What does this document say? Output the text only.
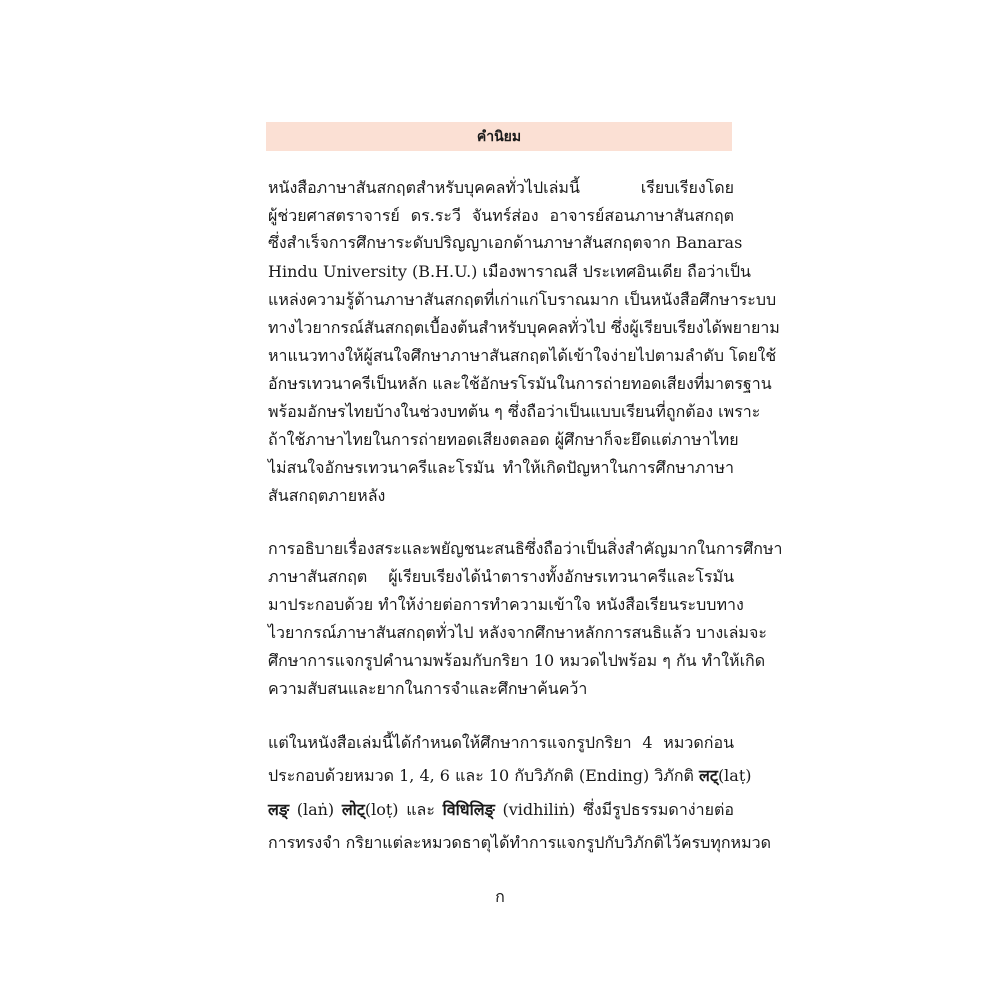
คำนิยม
หนังสือภาษาสันสกฤตสำหรับบุคคลทั่วไปเล่มนี้ เรียบเรียงโดย
ผู้ช่วยศาสตราจารย์ ดร.ระวี จันทร์ส่อง อาจารย์สอนภาษาสันสกฤต
ซึ่งสำเร็จการศึกษาระดับปริญญาเอกด้านภาษาสันสกฤตจาก Banaras
Hindu University (B.H.U.) เมืองพาราณสี ประเทศอินเดีย ถือว่าเป็น
แหล่งความรู้ด้านภาษาสันสกฤตที่เก่าแก่โบราณมาก เป็นหนังสือศึกษาระบบ
ทางไวยากรณ์สันสกฤตเบื้องต้นสำหรับบุคคลทั่วไป ซึ่งผู้เรียบเรียงได้พยายาม
หาแนวทางให้ผู้สนใจศึกษาภาษาสันสกฤตได้เข้าใจง่ายไปตามลำดับ โดยใช้
อักษรเทวนาครีเป็นหลัก และใช้อักษรโรมันในการถ่ายทอดเสียงที่มาตรฐาน
พร้อมอักษรไทยบ้างในช่วงบทต้น ๆ ซึ่งถือว่าเป็นแบบเรียนที่ถูกต้อง เพราะ
ถ้าใช้ภาษาไทยในการถ่ายทอดเสียงตลอด ผู้ศึกษาก็จะยึดแต่ภาษาไทย
ไม่สนใจอักษรเทวนาครีและโรมัน ทำให้เกิดปัญหาในการศึกษาภาษา
สันสกฤตภายหลัง
การอธิบายเรื่องสระและพยัญชนะสนธิซึ่งถือว่าเป็นสิ่งสำคัญมากในการศึกษา
ภาษาสันสกฤต ผู้เรียบเรียงได้นำตารางทั้งอักษรเทวนาครีและโรมัน
มาประกอบด้วย ทำให้ง่ายต่อการทำความเข้าใจ หนังสือเรียนระบบทาง
ไวยากรณ์ภาษาสันสกฤตทั่วไป หลังจากศึกษาหลักการสนธิแล้ว บางเล่มจะ
ศึกษาการแจกรูปคำนามพร้อมกับกริยา 10 หมวดไปพร้อม ๆ กัน ทำให้เกิด
ความสับสนและยากในการจำและศึกษาค้นคว้า
แต่ในหนังสือเล่มนี้ได้กำหนดให้ศึกษาการแจกรูปกริยา 4 หมวดก่อน
ประกอบด้วยหมวด 1, 4, 6 และ 10 กับวิภักติ (Ending) วิภักติ लट्(laṭ)
लङ् (laṅ) लोट्(loṭ) และ विधिलिङ् (vidhiliṅ) ซึ่งมีรูปธรรมดาง่ายต่อ
การทรงจำ กริยาแต่ละหมวดธาตุได้ทำการแจกรูปกับวิภักติไว้ครบทุกหมวด
ก
